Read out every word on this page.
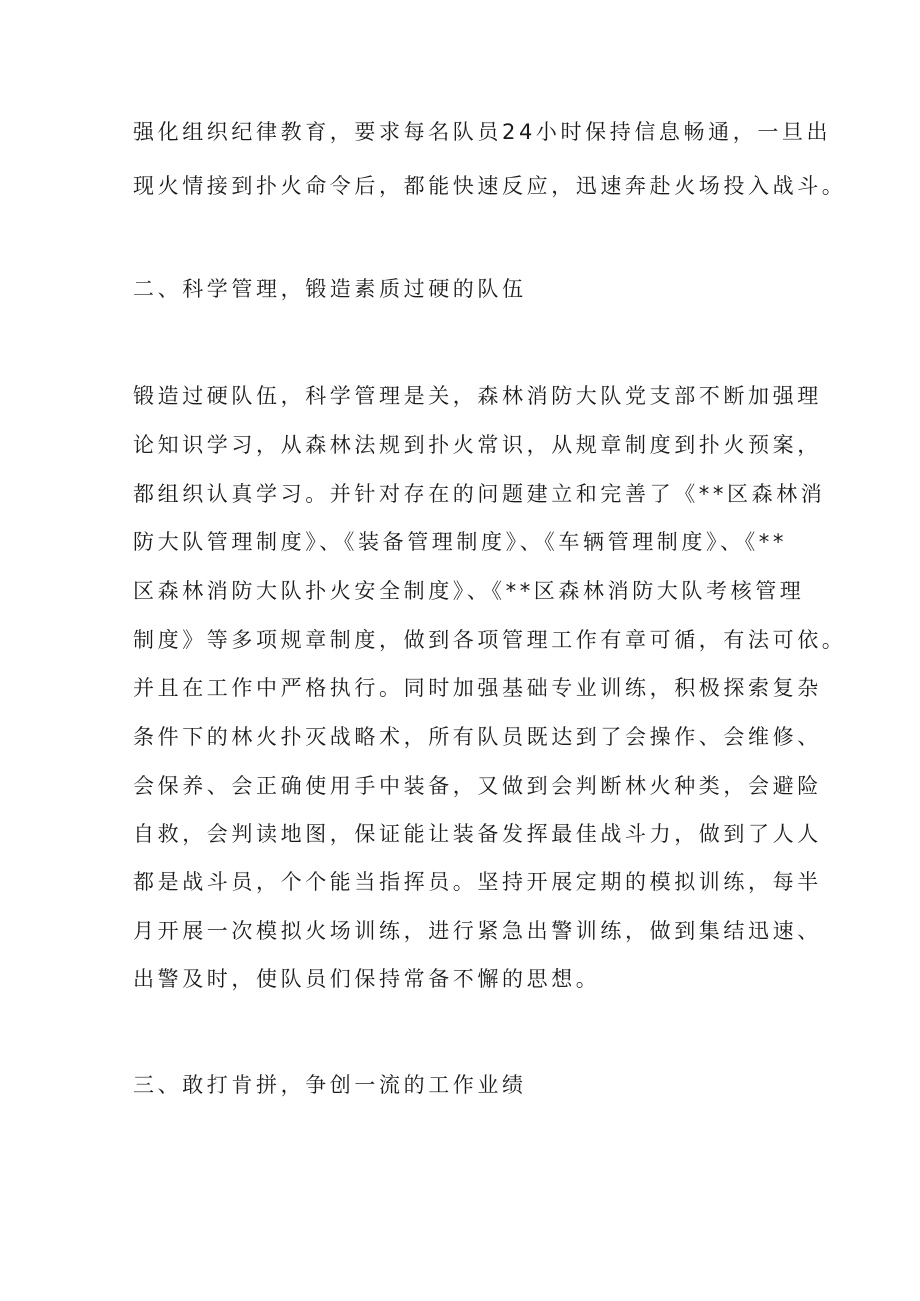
强化组织纪律教育，要求每名队员24小时保持信息畅通，一旦出
现火情接到扑火命令后，都能快速反应，迅速奔赴火场投入战斗。
二、科学管理，锻造素质过硬的队伍
锻造过硬队伍，科学管理是关，森林消防大队党支部不断加强理
论知识学习，从森林法规到扑火常识，从规章制度到扑火预案，
都组织认真学习。并针对存在的问题建立和完善了《**区森林消
防大队管理制度》、《装备管理制度》、《车辆管理制度》、《**
区森林消防大队扑火安全制度》、《**区森林消防大队考核管理
制度》等多项规章制度，做到各项管理工作有章可循，有法可依。
并且在工作中严格执行。同时加强基础专业训练，积极探索复杂
条件下的林火扑灭战略术，所有队员既达到了会操作、会维修、
会保养、会正确使用手中装备，又做到会判断林火种类，会避险
自救，会判读地图，保证能让装备发挥最佳战斗力，做到了人人
都是战斗员，个个能当指挥员。坚持开展定期的模拟训练，每半
月开展一次模拟火场训练，进行紧急出警训练，做到集结迅速、
出警及时，使队员们保持常备不懈的思想。
三、敢打肯拼，争创一流的工作业绩
